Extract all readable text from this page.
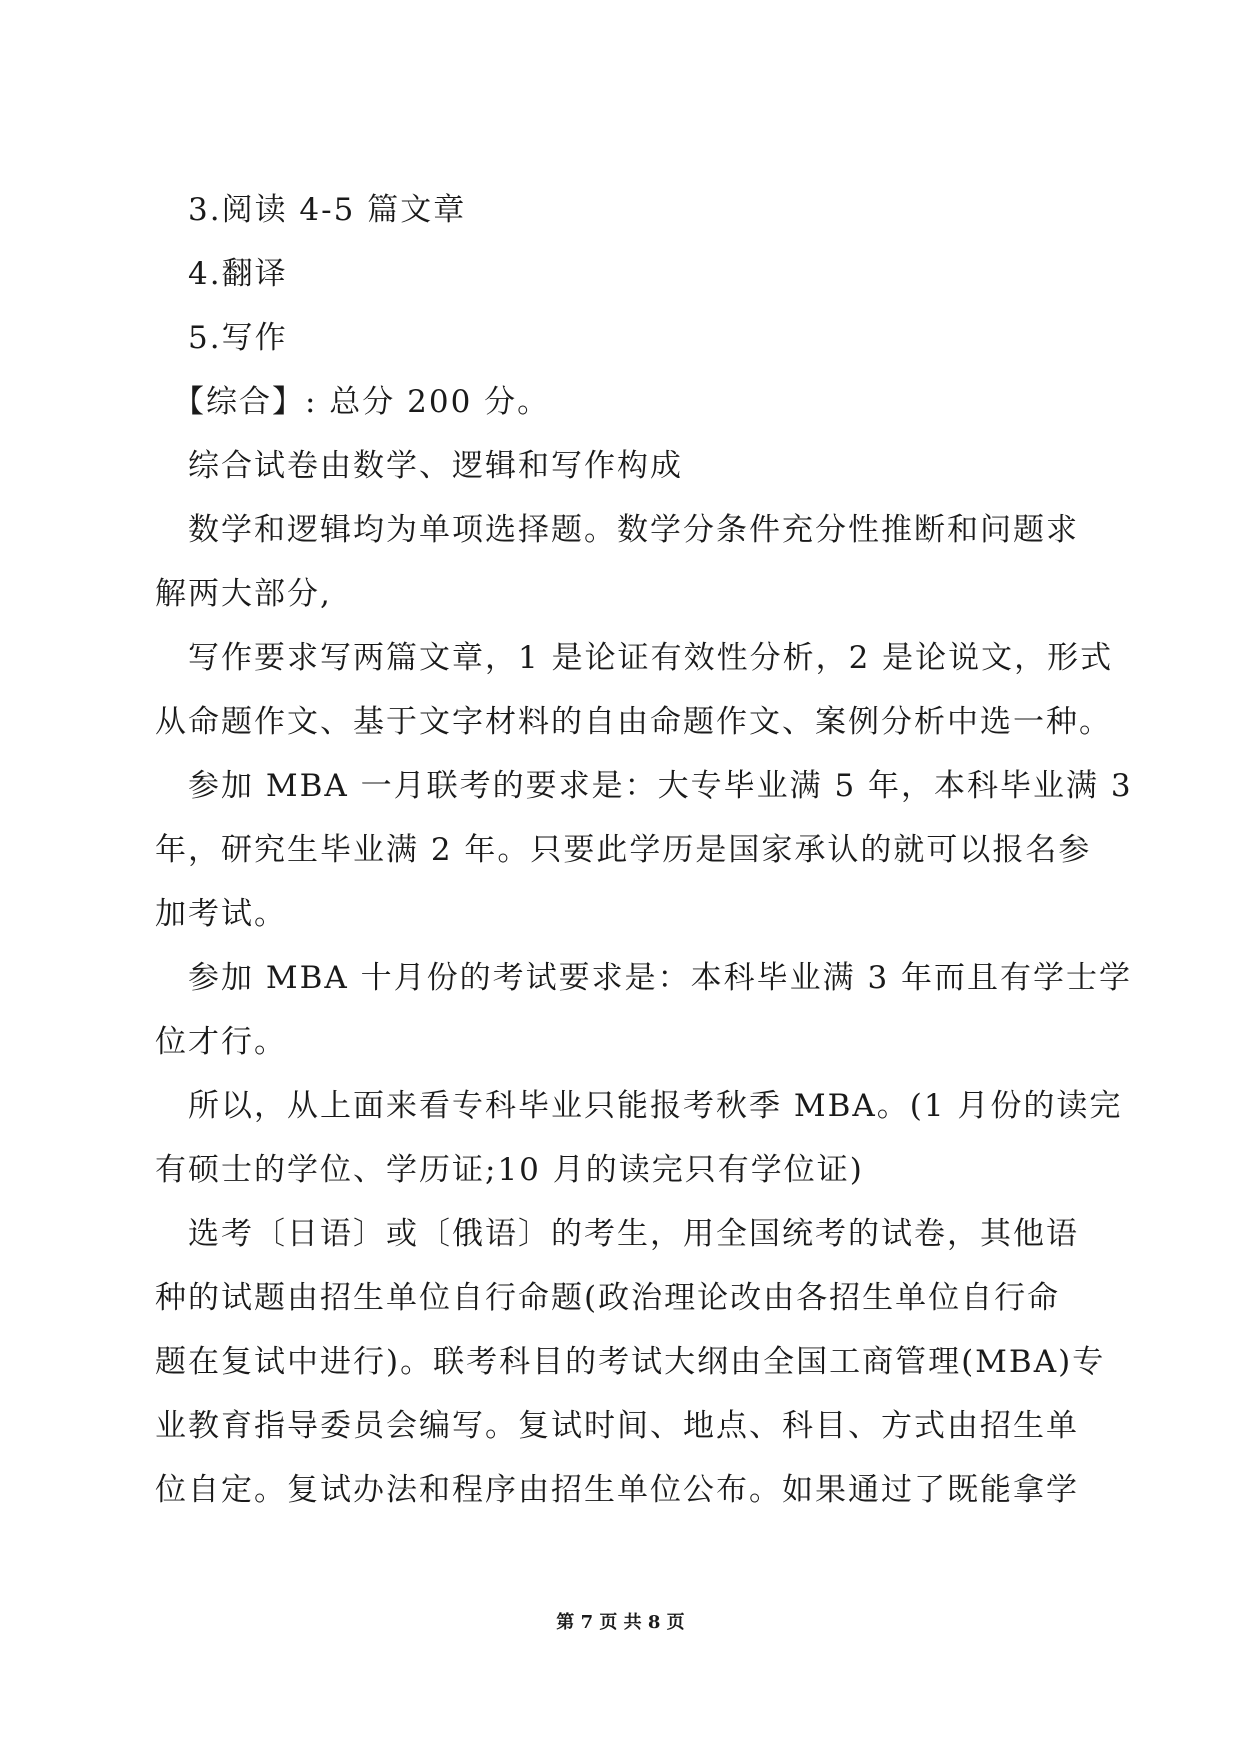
3.阅读 4-5 篇文章
4.翻译
5.写作
【综合】: 总分 200 分。
综合试卷由数学、逻辑和写作构成
数学和逻辑均为单项选择题。数学分条件充分性推断和问题求
解两大部分,
写作要求写两篇文章，1 是论证有效性分析，2 是论说文，形式
从命题作文、基于文字材料的自由命题作文、案例分析中选一种。
参加 MBA 一月联考的要求是：大专毕业满 5 年，本科毕业满 3
年，研究生毕业满 2 年。只要此学历是国家承认的就可以报名参
加考试。
参加 MBA 十月份的考试要求是：本科毕业满 3 年而且有学士学
位才行。
所以，从上面来看专科毕业只能报考秋季 MBA。(1 月份的读完
有硕士的学位、学历证;10 月的读完只有学位证)
选考〔日语〕或〔俄语〕的考生，用全国统考的试卷，其他语
种的试题由招生单位自行命题(政治理论改由各招生单位自行命
题在复试中进行)。联考科目的考试大纲由全国工商管理(MBA)专
业教育指导委员会编写。复试时间、地点、科目、方式由招生单
位自定。复试办法和程序由招生单位公布。如果通过了既能拿学
第 7 页 共 8 页
